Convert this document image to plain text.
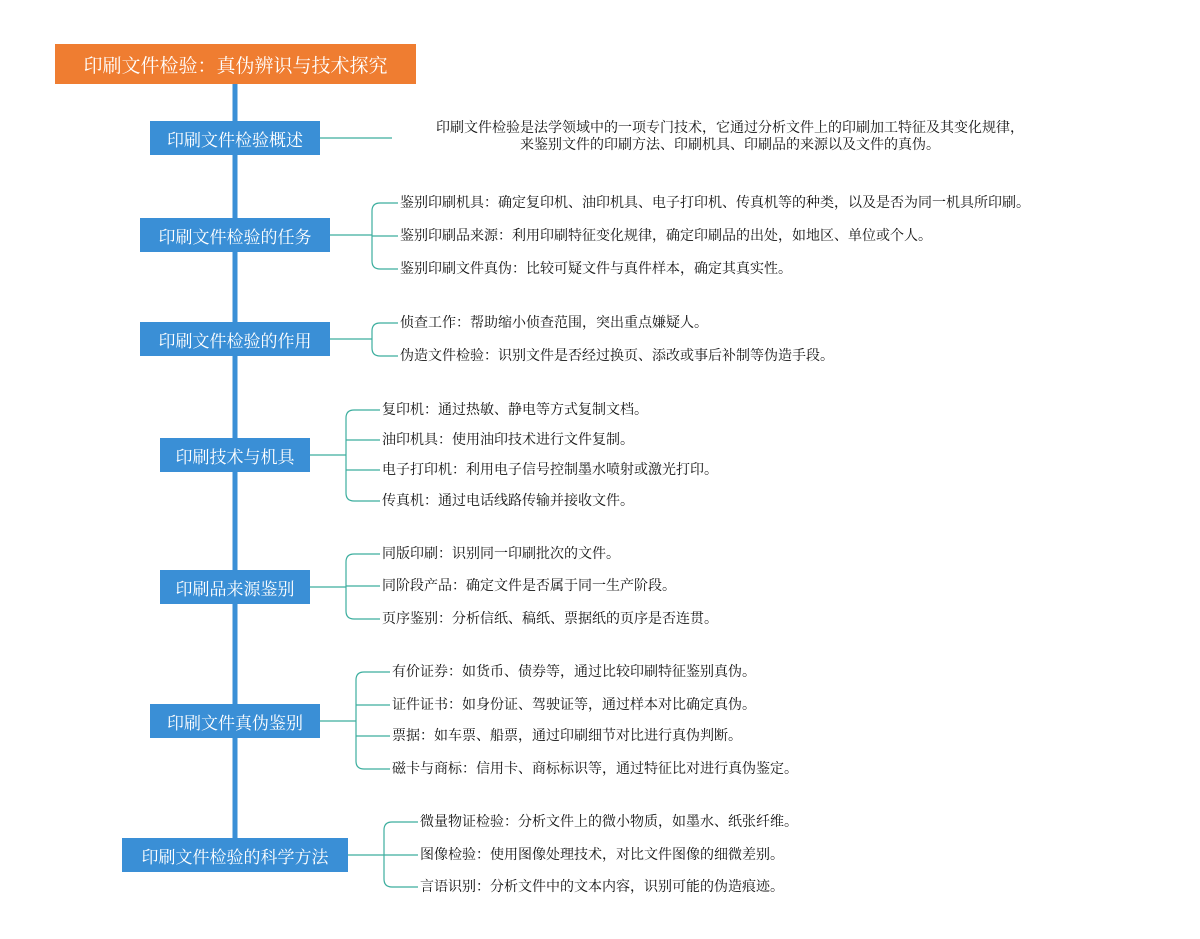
印刷文件检验：真伪辨识与技术探究
印刷文件检验概述
印刷文件检验是法学领域中的一项专门技术，它通过分析文件上的印刷加工特征及其变化规律，
来鉴别文件的印刷方法、印刷机具、印刷品的来源以及文件的真伪。
印刷文件检验的任务
鉴别印刷机具：确定复印机、油印机具、电子打印机、传真机等的种类，以及是否为同一机具所印刷。
鉴别印刷品来源：利用印刷特征变化规律，确定印刷品的出处，如地区、单位或个人。
鉴别印刷文件真伪：比较可疑文件与真件样本，确定其真实性。
印刷文件检验的作用
侦查工作：帮助缩小侦查范围，突出重点嫌疑人。
伪造文件检验：识别文件是否经过换页、添改或事后补制等伪造手段。
印刷技术与机具
复印机：通过热敏、静电等方式复制文档。
油印机具：使用油印技术进行文件复制。
电子打印机：利用电子信号控制墨水喷射或激光打印。
传真机：通过电话线路传输并接收文件。
印刷品来源鉴别
同版印刷：识别同一印刷批次的文件。
同阶段产品：确定文件是否属于同一生产阶段。
页序鉴别：分析信纸、稿纸、票据纸的页序是否连贯。
印刷文件真伪鉴别
有价证券：如货币、债券等，通过比较印刷特征鉴别真伪。
证件证书：如身份证、驾驶证等，通过样本对比确定真伪。
票据：如车票、船票，通过印刷细节对比进行真伪判断。
磁卡与商标：信用卡、商标标识等，通过特征比对进行真伪鉴定。
印刷文件检验的科学方法
微量物证检验：分析文件上的微小物质，如墨水、纸张纤维。
图像检验：使用图像处理技术，对比文件图像的细微差别。
言语识别：分析文件中的文本内容，识别可能的伪造痕迹。
